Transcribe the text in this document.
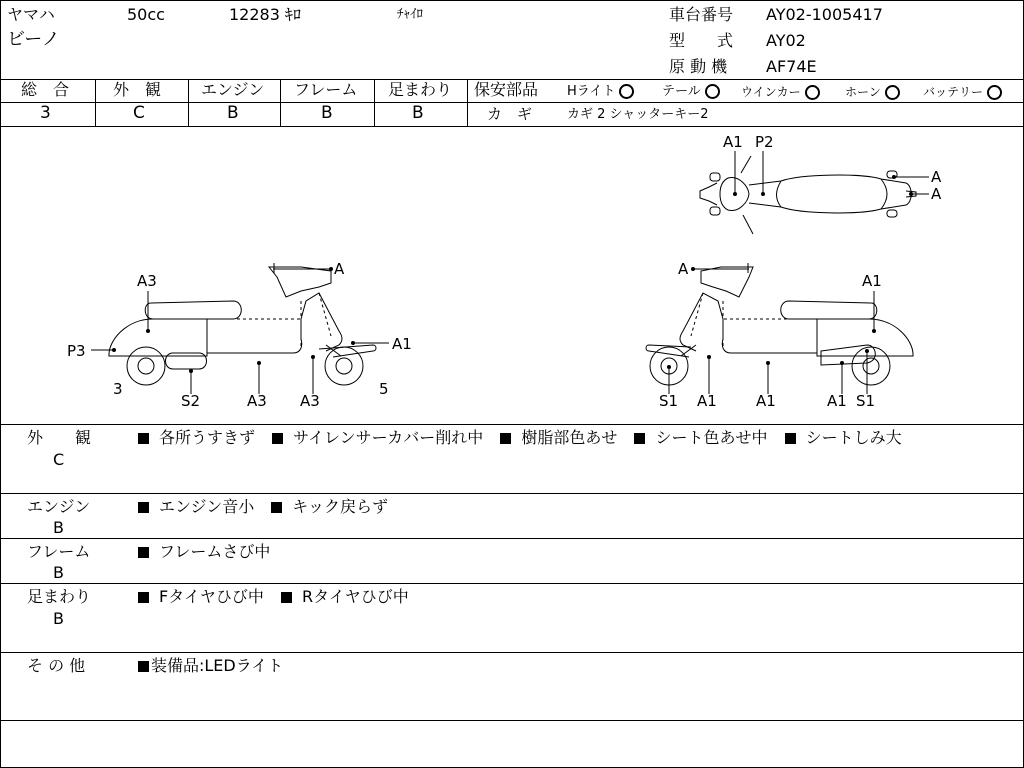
ヤマハ
ビーノ
50cc	12283 ｷﾛ	ﾁｬｲﾛ	車台番号 AY02-1005417
型　　式 AY02
原 動 機 AF74E
総　合
3
外　観
C
エンジン
B
フレーム
B
足まわり
B
保安部品 Hライト	テール	ウインカー	ホーン	バッテリー
カ　ギ	カギ 2 シャッターキー2
A1 P2
A
A
A
A3
P3	A1
3	5
S2	A3 A3
A
A1
S1 A1	A1	A1 S1
外　　観
C
各所うすきず サイレンサーカバー削れ中 樹脂部色あせ シート色あせ中 シートしみ大
エンジン
B
エンジン音小 キック戻らず
フレーム
B
フレームさび中
足まわり
B
Fタイヤひび中 Rタイヤひび中
そ の 他	装備品:LEDライト
